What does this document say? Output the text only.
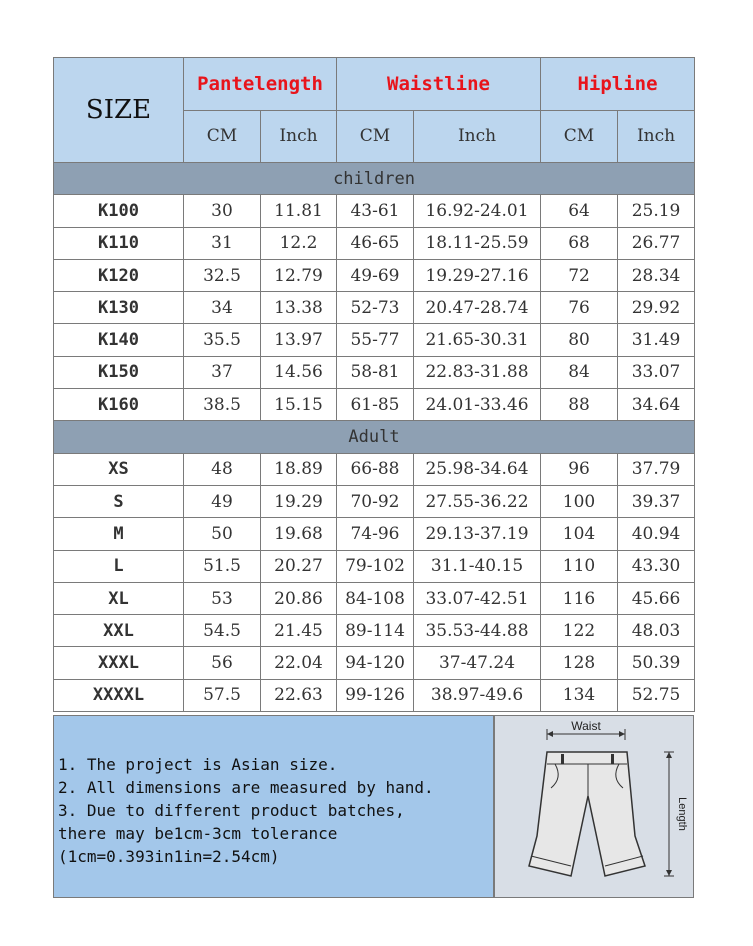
SIZE	Pantelength		Waistline		Hipline	
	CM	Inch	CM	Inch	CM	Inch
children						
K100	30	11.81	43-61	16.92-24.01	64	25.19
K110	31	12.2	46-65	18.11-25.59	68	26.77
K120	32.5	12.79	49-69	19.29-27.16	72	28.34
K130	34	13.38	52-73	20.47-28.74	76	29.92
K140	35.5	13.97	55-77	21.65-30.31	80	31.49
K150	37	14.56	58-81	22.83-31.88	84	33.07
K160	38.5	15.15	61-85	24.01-33.46	88	34.64
Adult						
XS	48	18.89	66-88	25.98-34.64	96	37.79
S	49	19.29	70-92	27.55-36.22	100	39.37
M	50	19.68	74-96	29.13-37.19	104	40.94
L	51.5	20.27	79-102	31.1-40.15	110	43.30
XL	53	20.86	84-108	33.07-42.51	116	45.66
XXL	54.5	21.45	89-114	35.53-44.88	122	48.03
XXXL	56	22.04	94-120	37-47.24	128	50.39
XXXXL	57.5	22.63	99-126	38.97-49.6	134	52.75
1. The project is Asian size.
2. All dimensions are measured by hand.
3. Due to different product batches,
there may be1cm-3cm tolerance
(1cm=0.393in1in=2.54cm)
Waist
Length
